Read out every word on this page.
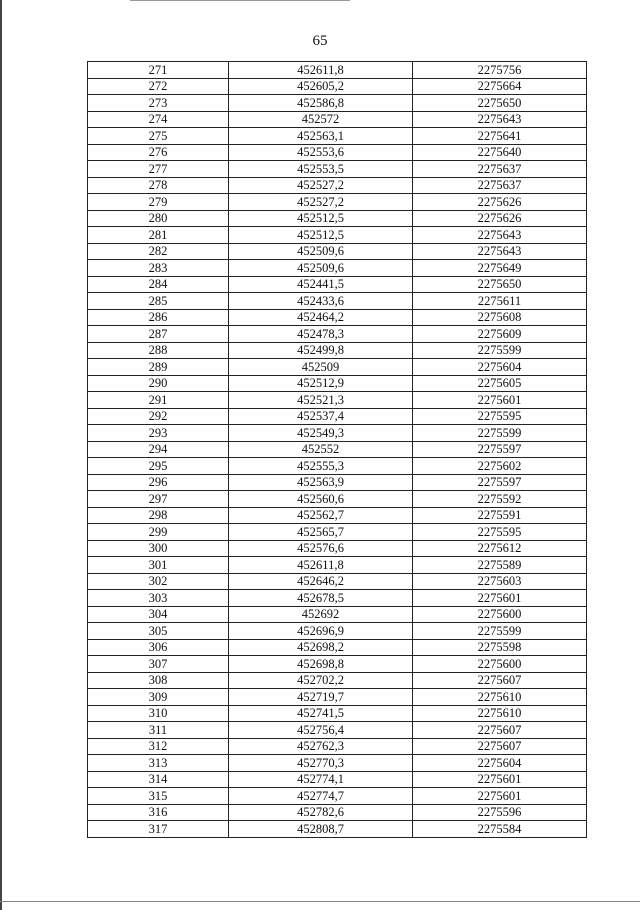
65
271	452611,8	2275756
272	452605,2	2275664
273	452586,8	2275650
274	452572	2275643
275	452563,1	2275641
276	452553,6	2275640
277	452553,5	2275637
278	452527,2	2275637
279	452527,2	2275626
280	452512,5	2275626
281	452512,5	2275643
282	452509,6	2275643
283	452509,6	2275649
284	452441,5	2275650
285	452433,6	2275611
286	452464,2	2275608
287	452478,3	2275609
288	452499,8	2275599
289	452509	2275604
290	452512,9	2275605
291	452521,3	2275601
292	452537,4	2275595
293	452549,3	2275599
294	452552	2275597
295	452555,3	2275602
296	452563,9	2275597
297	452560,6	2275592
298	452562,7	2275591
299	452565,7	2275595
300	452576,6	2275612
301	452611,8	2275589
302	452646,2	2275603
303	452678,5	2275601
304	452692	2275600
305	452696,9	2275599
306	452698,2	2275598
307	452698,8	2275600
308	452702,2	2275607
309	452719,7	2275610
310	452741,5	2275610
311	452756,4	2275607
312	452762,3	2275607
313	452770,3	2275604
314	452774,1	2275601
315	452774,7	2275601
316	452782,6	2275596
317	452808,7	2275584
